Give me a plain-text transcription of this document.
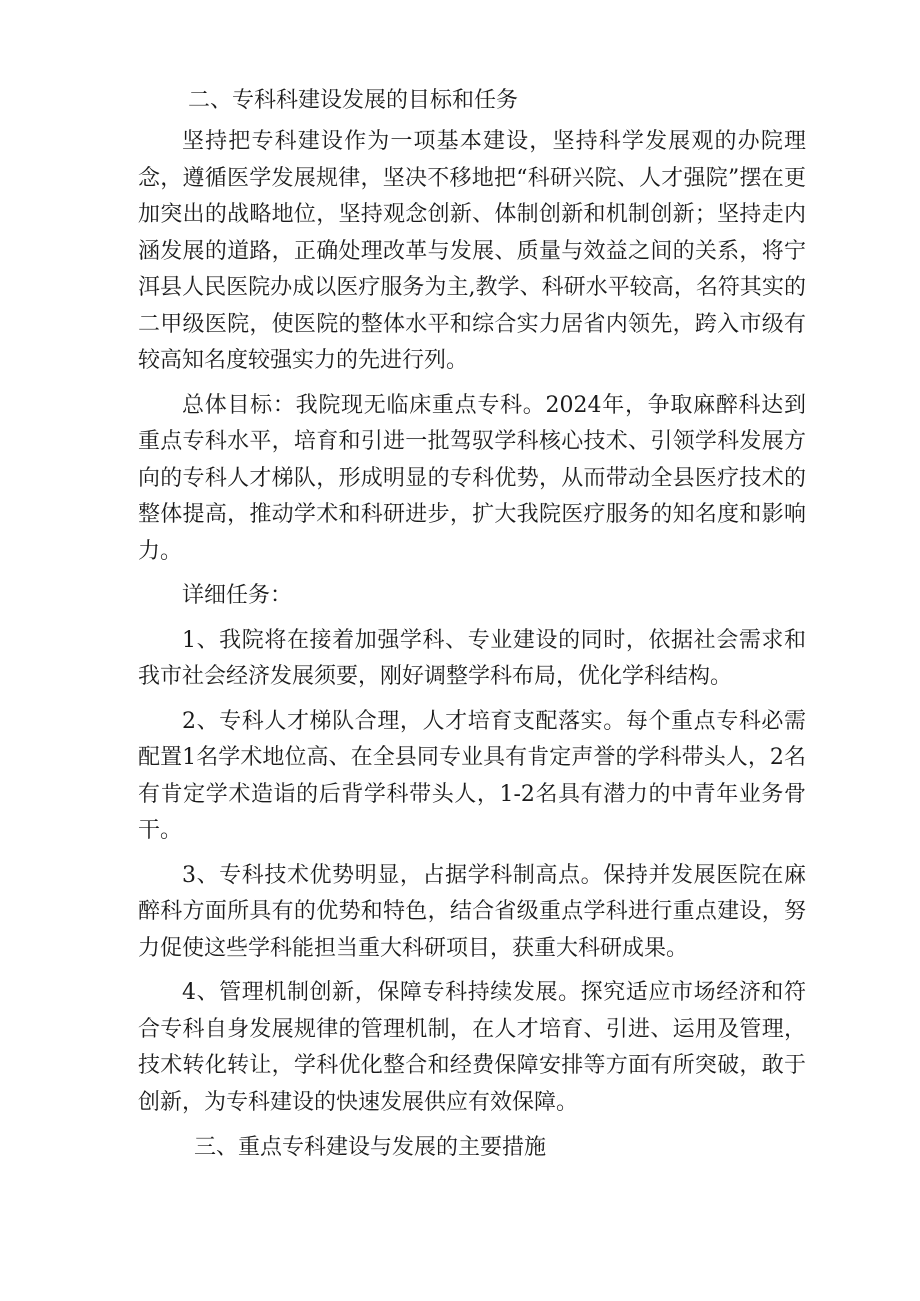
二、专科科建设发展的目标和任务

坚持把专科建设作为一项基本建设，坚持科学发展观的办院理念，遵循医学发展规律，坚决不移地把“科研兴院、人才强院”摆在更加突出的战略地位，坚持观念创新、体制创新和机制创新；坚持走内涵发展的道路，正确处理改革与发展、质量与效益之间的关系，将宁洱县人民医院办成以医疗服务为主,教学、科研水平较高，名符其实的二甲级医院，使医院的整体水平和综合实力居省内领先，跨入市级有较高知名度较强实力的先进行列。

总体目标：我院现无临床重点专科。2024年，争取麻醉科达到重点专科水平，培育和引进一批驾驭学科核心技术、引领学科发展方向的专科人才梯队，形成明显的专科优势，从而带动全县医疗技术的整体提高，推动学术和科研进步，扩大我院医疗服务的知名度和影响力。

详细任务：

1、我院将在接着加强学科、专业建设的同时，依据社会需求和我市社会经济发展须要，刚好调整学科布局，优化学科结构。

2、专科人才梯队合理，人才培育支配落实。每个重点专科必需配置1名学术地位高、在全县同专业具有肯定声誉的学科带头人，2名有肯定学术造诣的后背学科带头人，1-2名具有潜力的中青年业务骨干。

3、专科技术优势明显，占据学科制高点。保持并发展医院在麻醉科方面所具有的优势和特色，结合省级重点学科进行重点建设，努力促使这些学科能担当重大科研项目，获重大科研成果。

4、管理机制创新，保障专科持续发展。探究适应市场经济和符合专科自身发展规律的管理机制，在人才培育、引进、运用及管理，技术转化转让，学科优化整合和经费保障安排等方面有所突破，敢于创新，为专科建设的快速发展供应有效保障。

三、重点专科建设与发展的主要措施
